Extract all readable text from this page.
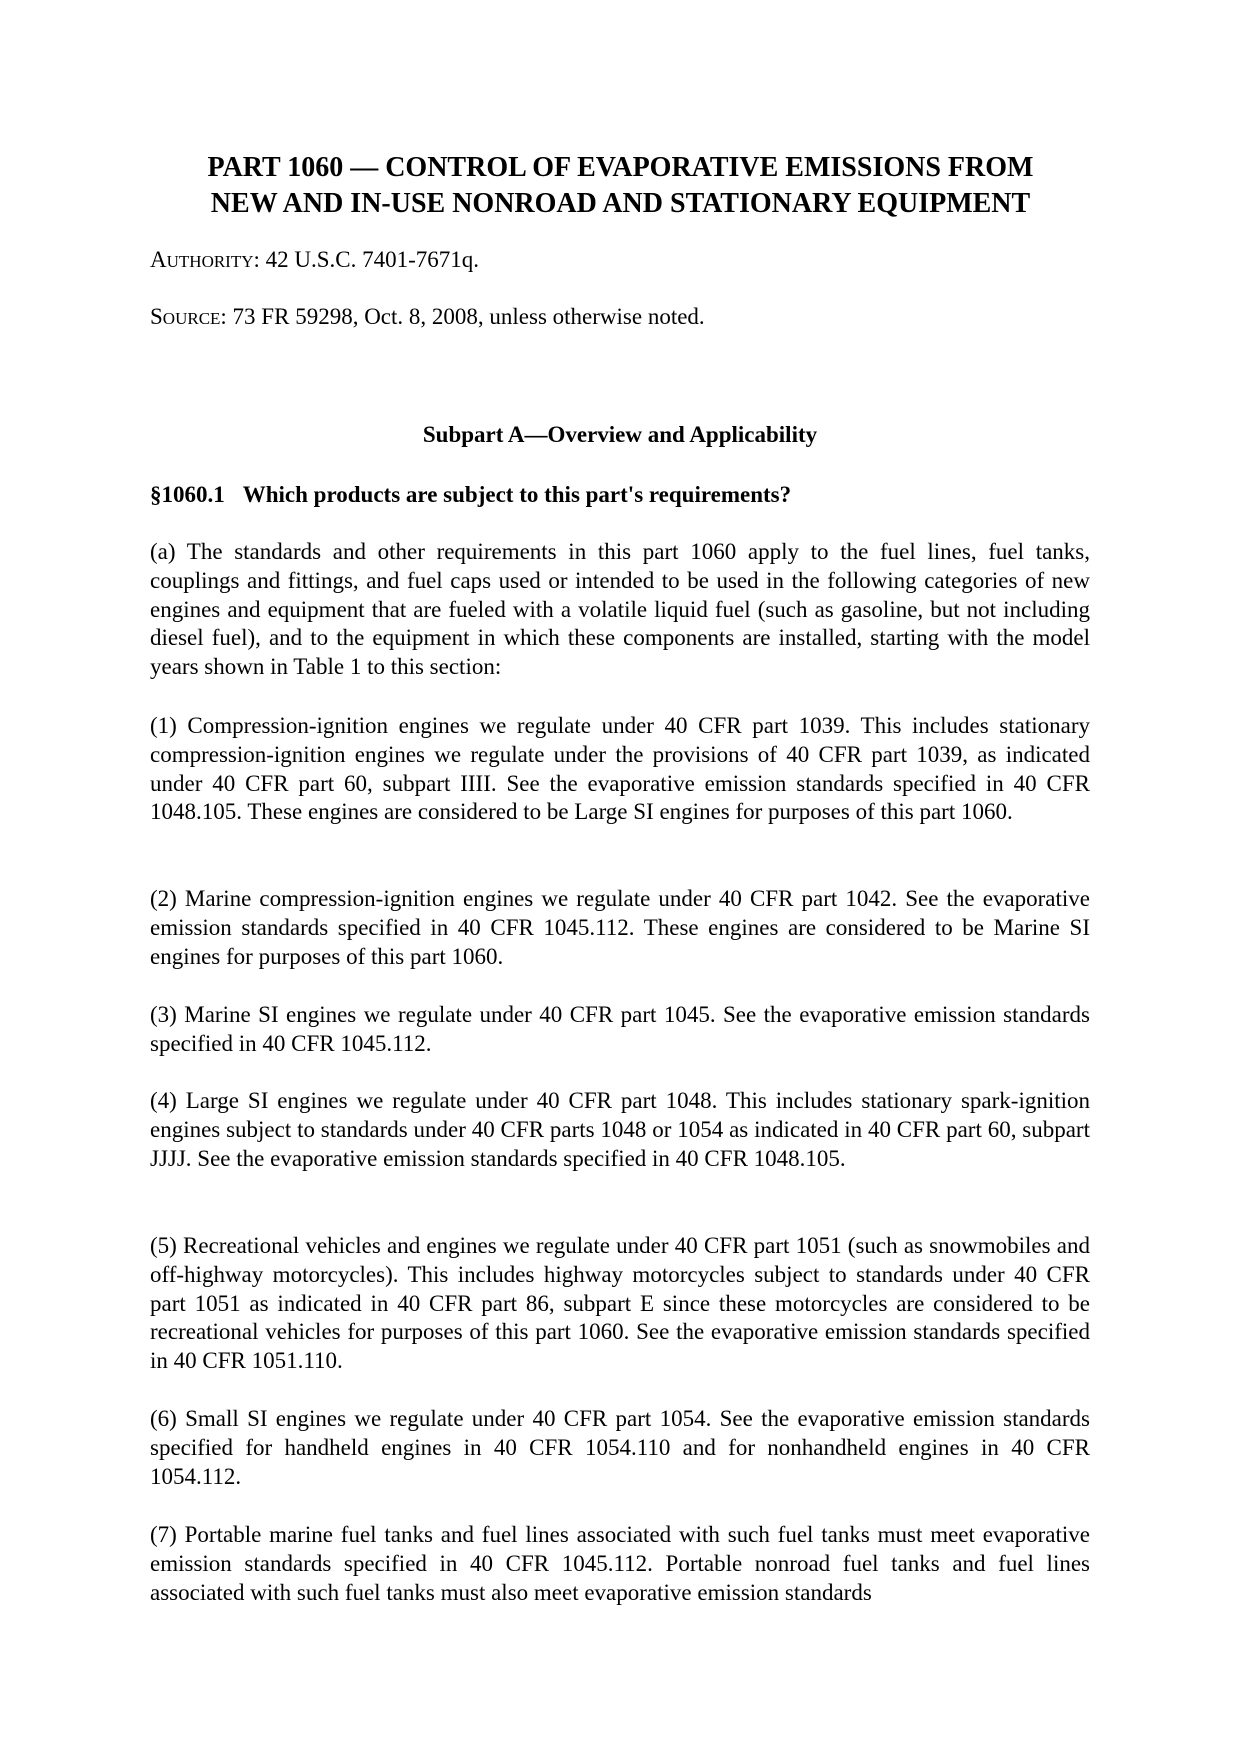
PART 1060 — CONTROL OF EVAPORATIVE EMISSIONS FROM
NEW AND IN-USE NONROAD AND STATIONARY EQUIPMENT
AUTHORITY: 42 U.S.C. 7401-7671q.
SOURCE: 73 FR 59298, Oct. 8, 2008, unless otherwise noted.
Subpart A—Overview and Applicability
§1060.1 Which products are subject to this part's requirements?
(a) The standards and other requirements in this part 1060 apply to the fuel lines, fuel tanks, couplings and fittings, and fuel caps used or intended to be used in the following categories of new engines and equipment that are fueled with a volatile liquid fuel (such as gasoline, but not including diesel fuel), and to the equipment in which these components are installed, starting with the model years shown in Table 1 to this section:
(1) Compression-ignition engines we regulate under 40 CFR part 1039. This includes stationary compression-ignition engines we regulate under the provisions of 40 CFR part 1039, as indicated under 40 CFR part 60, subpart IIII. See the evaporative emission standards specified in 40 CFR 1048.105. These engines are considered to be Large SI engines for purposes of this part 1060.
(2) Marine compression-ignition engines we regulate under 40 CFR part 1042. See the evaporative emission standards specified in 40 CFR 1045.112. These engines are considered to be Marine SI engines for purposes of this part 1060.
(3) Marine SI engines we regulate under 40 CFR part 1045. See the evaporative emission standards specified in 40 CFR 1045.112.
(4) Large SI engines we regulate under 40 CFR part 1048. This includes stationary spark-ignition engines subject to standards under 40 CFR parts 1048 or 1054 as indicated in 40 CFR part 60, subpart JJJJ. See the evaporative emission standards specified in 40 CFR 1048.105.
(5) Recreational vehicles and engines we regulate under 40 CFR part 1051 (such as snowmobiles and off-highway motorcycles). This includes highway motorcycles subject to standards under 40 CFR part 1051 as indicated in 40 CFR part 86, subpart E since these motorcycles are considered to be recreational vehicles for purposes of this part 1060. See the evaporative emission standards specified in 40 CFR 1051.110.
(6) Small SI engines we regulate under 40 CFR part 1054. See the evaporative emission standards specified for handheld engines in 40 CFR 1054.110 and for nonhandheld engines in 40 CFR 1054.112.
(7) Portable marine fuel tanks and fuel lines associated with such fuel tanks must meet evaporative emission standards specified in 40 CFR 1045.112. Portable nonroad fuel tanks and fuel lines associated with such fuel tanks must also meet evaporative emission standards
